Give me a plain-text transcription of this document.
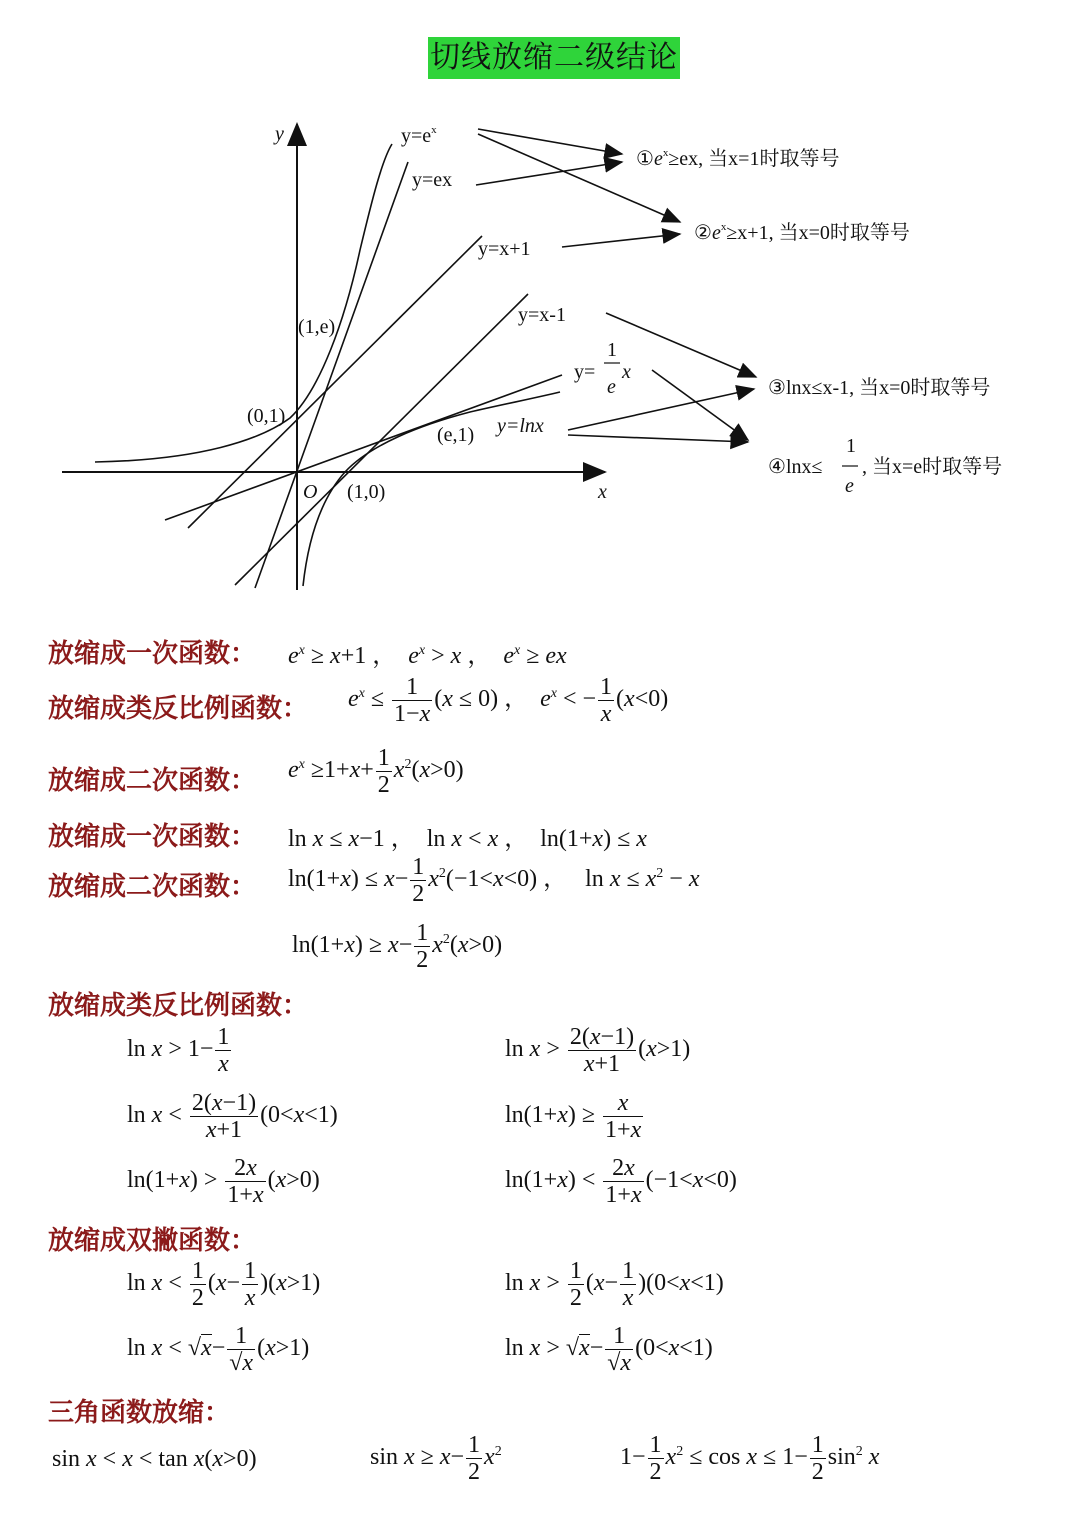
切线放缩二级结论
y
x
O
$y=e^x$
y=ex
y=x+1
y=x-1
y=
1
e
x
y=lnx
(1,e)
(0,1)
(e,1)
(1,0)
$①e^x\ge ex$, 当x=1时取等号
$②e^x\ge x+1$, 当x=0时取等号
③lnx≤x-1, 当x=0时取等号
④lnx≤
1
e
, 当x=e时取等号
放缩成一次函数： $e^x \ge x+1$ ， $e^x > x$ ， $e^x$ ≥ ex
放缩成类反比例函数： $e^x \le \frac{1}{1-x} (x \le 0)$ ，  $e^x$ < − $\frac{1}{x} (x<0)$
放缩成二次函数： $e^x \ge 1+x+ \frac{1}{2} x^2(x>0)$
放缩成一次函数： ln x ≤ x−1 ，  ln x < x ，  ln(1+x) ≤ x
放缩成二次函数： $\ln(1+x) \le x- \frac{1}{2} x^2(-1<x<0)$ ，   $\ln x \le x^2 - x$
$\ln(1+x) \ge x- \frac{1}{2} x^2(x>0)$
放缩成类反比例函数：
$\ln x > 1- \frac{1}{x}$	$\ln x > \frac{2(x-1)}{x+1} (x>1)$
$\ln x < \frac{2(x-1)}{x+1} (0<x<1)$	$\ln(1+x) \ge \frac{x}{1+x}$
$\ln(1+x) > \frac{2x}{1+x} (x>0)$	$\ln(1+x) < \frac{2x}{1+x} (-1<x<0)$
放缩成双撇函数：
$\ln x < \frac{1}{2} (x- \frac{1}{x} )(x>1)$	$\ln x > \frac{1}{2} (x- \frac{1}{x} )(0<x<1)$
$\ln x < √x- \frac{1}{√x} (x>1)$	$\ln x > √x- \frac{1}{√x} (0<x<1)$
三角函数放缩：
sin x < x < tan x(x>0)	$\sin x \ge x- \frac{1}{2} x^2$	$1- \frac{1}{2} x^2 \le \cos x \le 1- \frac{1}{2} \sin^2 x$
